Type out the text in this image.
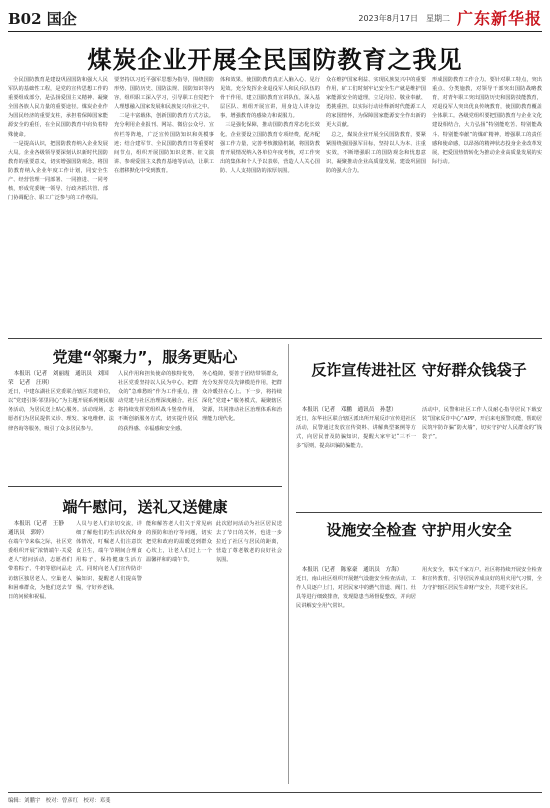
B02 国企	2023年8月17日　星期二 广东新华报
煤炭企业开展全民国防教育之我见
　全民国防教育是建设巩固国防和强大人民军队的基础性工程，是党的宣传思想工作的重要组成部分，是弘扬爱国主义精神、凝聚全国各族人民力量的重要途径。煤炭企业作为国民经济的重要支柱，承担着保障国家能源安全的重任，在全民国防教育中肩负着特殊使命。
　一是提高认识，把国防教育纳入企业发展大局。企业各级领导要深刻认识新时代国防教育的重要意义，切实增强国防观念，将国防教育纳入企业年度工作计划，同安全生产、经营管理一同部署、一同推进、一同考核，形成党委统一领导、行政齐抓共管、部门协调配合、职工广泛参与的工作格局。
要坚持以习近平强军思想为指导，围绕国防形势、国防历史、国防法规、国防知识等内容，组织职工深入学习，引导职工自觉把个人理想融入国家发展和民族复兴伟业之中。
　二是丰富载体，创新国防教育方式方法。充分利用企业报刊、网站、微信公众号、宣传栏等阵地，广泛宣传国防知识和英模事迹；结合建军节、全民国防教育日等重要时间节点，组织开展国防知识竞赛、征文演讲、参观爱国主义教育基地等活动，让职工在潜移默化中受到教育。
体和效果，使国防教育真正入脑入心、见行见效。充分发挥企业退役军人和民兵队伍的骨干作用，建立国防教育宣讲队伍，深入基层区队、班组开展宣讲，用身边人讲身边事，增强教育的感染力和说服力。
　三是强化保障，推动国防教育常态化长效化。企业要设立国防教育专项经费，配齐配强工作力量，完善考核激励机制，将国防教育开展情况纳入各单位年度考核，对工作突出的集体和个人予以表彰，营造人人关心国防、人人支持国防的浓厚氛围。
众在维护国家利益、实现民族复兴中的重要作用，矿工们时刻牢记安全生产就是维护国家能源安全的道理，立足岗位、敬业奉献、勇挑重担，以实际行动诠释新时代能源工人的家国情怀，为保障国家能源安全作出新的更大贡献。
　总之，煤炭企业开展全民国防教育，要紧紧围绕强国强军目标，坚持以人为本、注重实效，不断增强职工的国防观念和忧患意识，凝聚推动企业高质量发展、建设巩固国防的强大合力。
形成国防教育工作合力。要针对职工特点，突出重点、分类施教，对领导干部突出国防战略教育，对青年职工突出国防历史和国防技能教育，对退役军人突出优良传统教育，使国防教育覆盖全体职工。各级党组织要把国防教育与企业文化建设相结合，大力弘扬“特别能吃苦、特别能战斗、特别能奉献”的煤矿精神，增强职工的责任感和使命感，以昂扬的精神状态投身企业改革发展，把爱国热情转化为推动企业高质量发展的实际行动。
党建“邻聚力”，服务更贴心
　本报讯（记者　刘丽霞　通讯员　刘国荣　记者　汪琪）
近日，中建东湖社区党委联合辖区共建单位，以“党建引领·邻里同心”为主题开展系列便民服务活动，为居民送上贴心服务。活动现场，志愿者们为居民提供义诊、理发、家电维修、法律咨询等服务，吸引了众多居民参与。
人民作用和担负使命的独特优势，社区党委坚持以人民为中心，把群众的“急难愁盼”作为工作重点，推动党建与社区治理深度融合。社区将持续发挥党组织战斗堡垒作用，不断创新服务方式，切实提升居民的获得感、幸福感和安全感。
务心缝隙，要善于团结带领群众，充分发挥党员先锋模范作用，把群众冷暖挂在心上。下一步，将持续深化“党建+”服务模式，凝聚辖区资源，共同推动社区治理体系和治理能力现代化。
反诈宣传进社区 守好群众钱袋子
　本报讯（记者　邓鹏　通讯员　孙慧）
近日，东华社区联合辖区派出所开展反诈宣传进社区活动，民警通过发放宣传资料、讲解典型案例等方式，向居民普及防骗知识，提醒大家牢记“三不一多”原则，提高识骗防骗能力。
活动中，民警和社区工作人员耐心指导居民下载安装“国家反诈中心”APP，开启来电预警功能，帮助居民筑牢防诈骗“防火墙”，切实守护好人民群众的“钱袋子”。
端午慰问，送礼又送健康
　本报讯（记者　王静　通讯员　郭婷）
在端午节来临之际，社区党委组织开展“浓情端午·关爱老人”慰问活动，志愿者们带着粽子、牛奶等慰问品走访辖区独居老人、空巢老人和困难群众，为他们送去节日的问候和祝福。
人员与老人们亲切交流，详细了解他们的生活状况和身体情况，叮嘱老人们注意饮食卫生，端午节期间合理食用粽子，保持健康生活方式。同时向老人们宣传防诈骗知识，提醒老人们提高警惕，守好养老钱。
能和解答老人们关于常见病的预防和治疗等问题，切实把党和政府的温暖送到群众心坎上，让老人们过上一个温馨祥和的端午节。
此次慰问活动为社区居民送去了节日的关怀，也进一步拉近了社区与居民的距离，营造了尊老敬老的良好社会氛围。
设施安全检查 守护用火安全
　本报讯（记者　陈家豪　通讯员　方海）
近日，南山社区组织开展燃气设施安全检查活动，工作人员逐户上门，对居民家中的燃气管道、阀门、灶具等进行细致排查，发现隐患当场督促整改，并向居民讲解安全用气常识。
用火安全，事关千家万户。社区将持续开展安全检查和宣传教育，引导居民养成良好的用火用气习惯，全力守护辖区居民生命财产安全，共建平安社区。
编辑：刘鹏宇　校对：曾彦红　校对：邓斐
